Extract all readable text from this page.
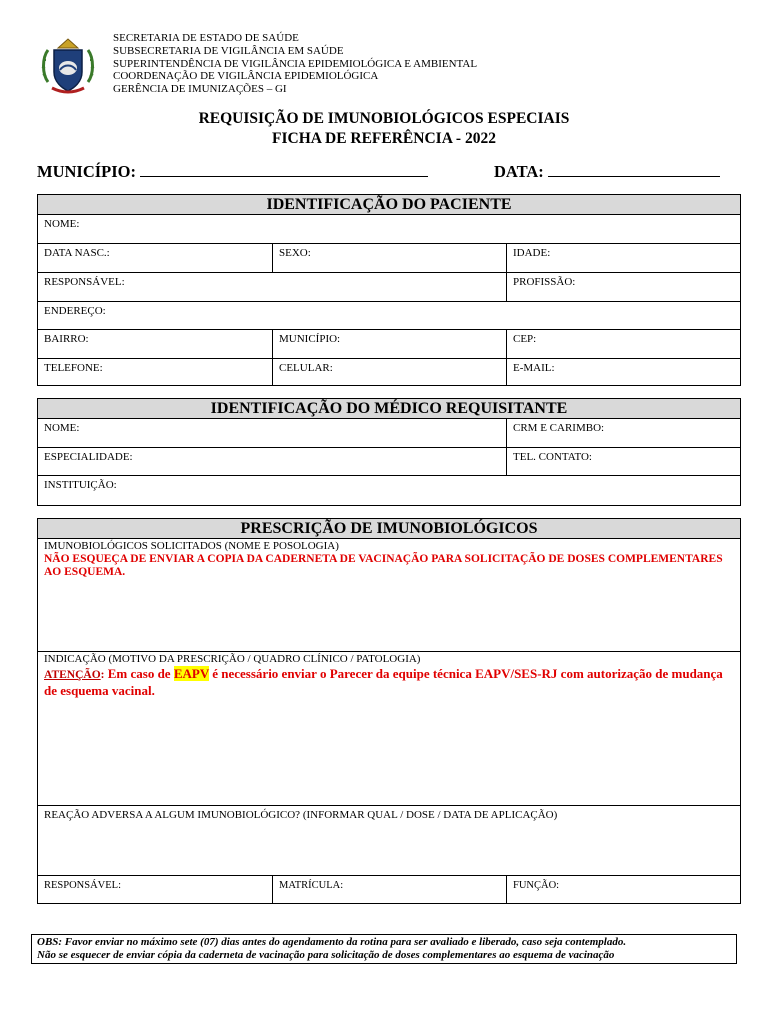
SECRETARIA DE ESTADO DE SAÚDE
SUBSECRETARIA DE VIGILÂNCIA EM SAÚDE
SUPERINTENDÊNCIA DE VIGILÂNCIA EPIDEMIOLÓGICA E AMBIENTAL
COORDENAÇÃO DE VIGILÂNCIA EPIDEMIOLÓGICA
GERÊNCIA DE IMUNIZAÇÕES – GI
REQUISIÇÃO DE IMUNOBIOLÓGICOS ESPECIAIS
FICHA DE REFERÊNCIA - 2022
MUNICÍPIO:	DATA:
IDENTIFICAÇÃO DO PACIENTE
NOME:
DATA NASC.:	SEXO:	IDADE:
RESPONSÁVEL:	PROFISSÃO:
ENDEREÇO:
BAIRRO:	MUNICÍPIO:	CEP:
TELEFONE:	CELULAR:	E-MAIL:
IDENTIFICAÇÃO DO MÉDICO REQUISITANTE
NOME:	CRM E CARIMBO:
ESPECIALIDADE:	TEL. CONTATO:
INSTITUIÇÃO:
PRESCRIÇÃO DE IMUNOBIOLÓGICOS
IMUNOBIOLÓGICOS SOLICITADOS (NOME E POSOLOGIA)
NÃO ESQUEÇA DE ENVIAR A COPIA DA CADERNETA DE VACINAÇÃO PARA SOLICITAÇÃO DE DOSES COMPLEMENTARES AO ESQUEMA.
INDICAÇÃO (MOTIVO DA PRESCRIÇÃO / QUADRO CLÍNICO / PATOLOGIA)
ATENÇÃO: Em caso de EAPV é necessário enviar o Parecer da equipe técnica EAPV/SES-RJ com autorização de mudança de esquema vacinal.
REAÇÃO ADVERSA A ALGUM IMUNOBIOLÓGICO? (INFORMAR QUAL / DOSE / DATA DE APLICAÇÃO)
RESPONSÁVEL:	MATRÍCULA:	FUNÇÃO:
OBS: Favor enviar no máximo sete (07) dias antes do agendamento da rotina para ser avaliado e liberado, caso seja contemplado.
Não se esquecer de enviar cópia da caderneta de vacinação para solicitação de doses complementares ao esquema de vacinação
